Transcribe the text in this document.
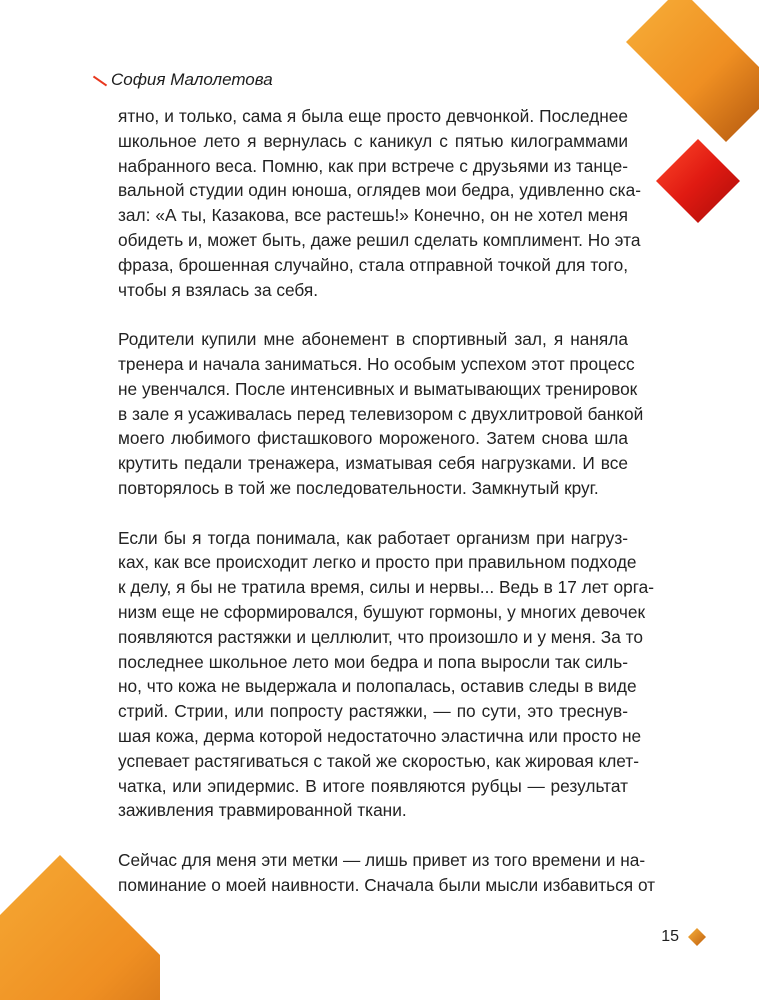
София Малолетова
ятно, и только, сама я была еще просто девчонкой. Последнее
школьное лето я вернулась с каникул с пятью килограммами
набранного веса. Помню, как при встрече с друзьями из танце-
вальной студии один юноша, оглядев мои бедра, удивленно ска-
зал: «А ты, Казакова, все растешь!» Конечно, он не хотел меня
обидеть и, может быть, даже решил сделать комплимент. Но эта
фраза, брошенная случайно, стала отправной точкой для того,
чтобы я взялась за себя.
Родители купили мне абонемент в спортивный зал, я наняла
тренера и начала заниматься. Но особым успехом этот процесс
не увенчался. После интенсивных и выматывающих тренировок
в зале я усаживалась перед телевизором с двухлитровой банкой
моего любимого фисташкового мороженого. Затем снова шла
крутить педали тренажера, изматывая себя нагрузками. И все
повторялось в той же последовательности. Замкнутый круг.
Если бы я тогда понимала, как работает организм при нагруз-
ках, как все происходит легко и просто при правильном подходе
к делу, я бы не тратила время, силы и нервы... Ведь в 17 лет орга-
низм еще не сформировался, бушуют гормоны, у многих девочек
появляются растяжки и целлюлит, что произошло и у меня. За то
последнее школьное лето мои бедра и попа выросли так силь-
но, что кожа не выдержала и полопалась, оставив следы в виде
стрий. Стрии, или попросту растяжки, — по сути, это треснув-
шая кожа, дерма которой недостаточно эластична или просто не
успевает растягиваться с такой же скоростью, как жировая клет-
чатка, или эпидермис. В итоге появляются рубцы — результат
заживления травмированной ткани.
Сейчас для меня эти метки — лишь привет из того времени и на-
поминание о моей наивности. Сначала были мысли избавиться от
15
